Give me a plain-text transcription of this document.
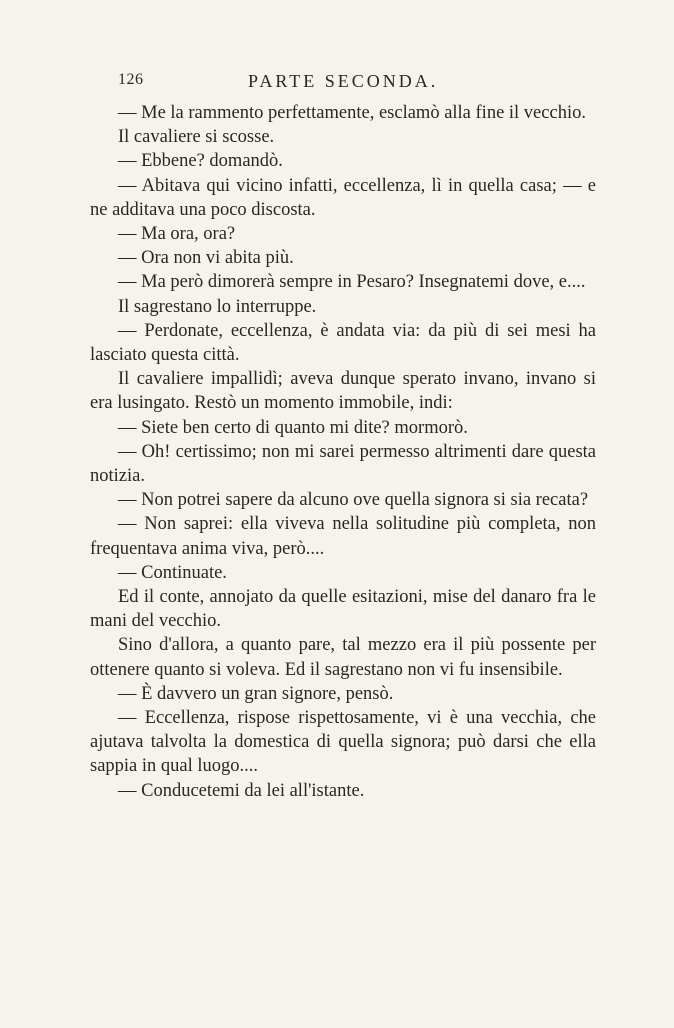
126	PARTE SECONDA.

— Me la rammento perfettamente, esclamò alla fine il vecchio.

Il cavaliere si scosse.

— Ebbene? domandò.

— Abitava qui vicino infatti, eccellenza, lì in quella casa; — e ne additava una poco discosta.

— Ma ora, ora?

— Ora non vi abita più.

— Ma però dimorerà sempre in Pesaro? Insegnatemi dove, e....

Il sagrestano lo interruppe.

— Perdonate, eccellenza, è andata via: da più di sei mesi ha lasciato questa città.

Il cavaliere impallidì; aveva dunque sperato invano, invano si era lusingato. Restò un momento immobile, indi:

— Siete ben certo di quanto mi dite? mormorò.

— Oh! certissimo; non mi sarei permesso altrimenti dare questa notizia.

— Non potrei sapere da alcuno ove quella signora si sia recata?

— Non saprei: ella viveva nella solitudine più completa, non frequentava anima viva, però....

— Continuate.

Ed il conte, annojato da quelle esitazioni, mise del danaro fra le mani del vecchio.

Sino d'allora, a quanto pare, tal mezzo era il più possente per ottenere quanto si voleva. Ed il sagrestano non vi fu insensibile.

— È davvero un gran signore, pensò.

— Eccellenza, rispose rispettosamente, vi è una vecchia, che ajutava talvolta la domestica di quella signora; può darsi che ella sappia in qual luogo....

— Conducetemi da lei all'istante.
